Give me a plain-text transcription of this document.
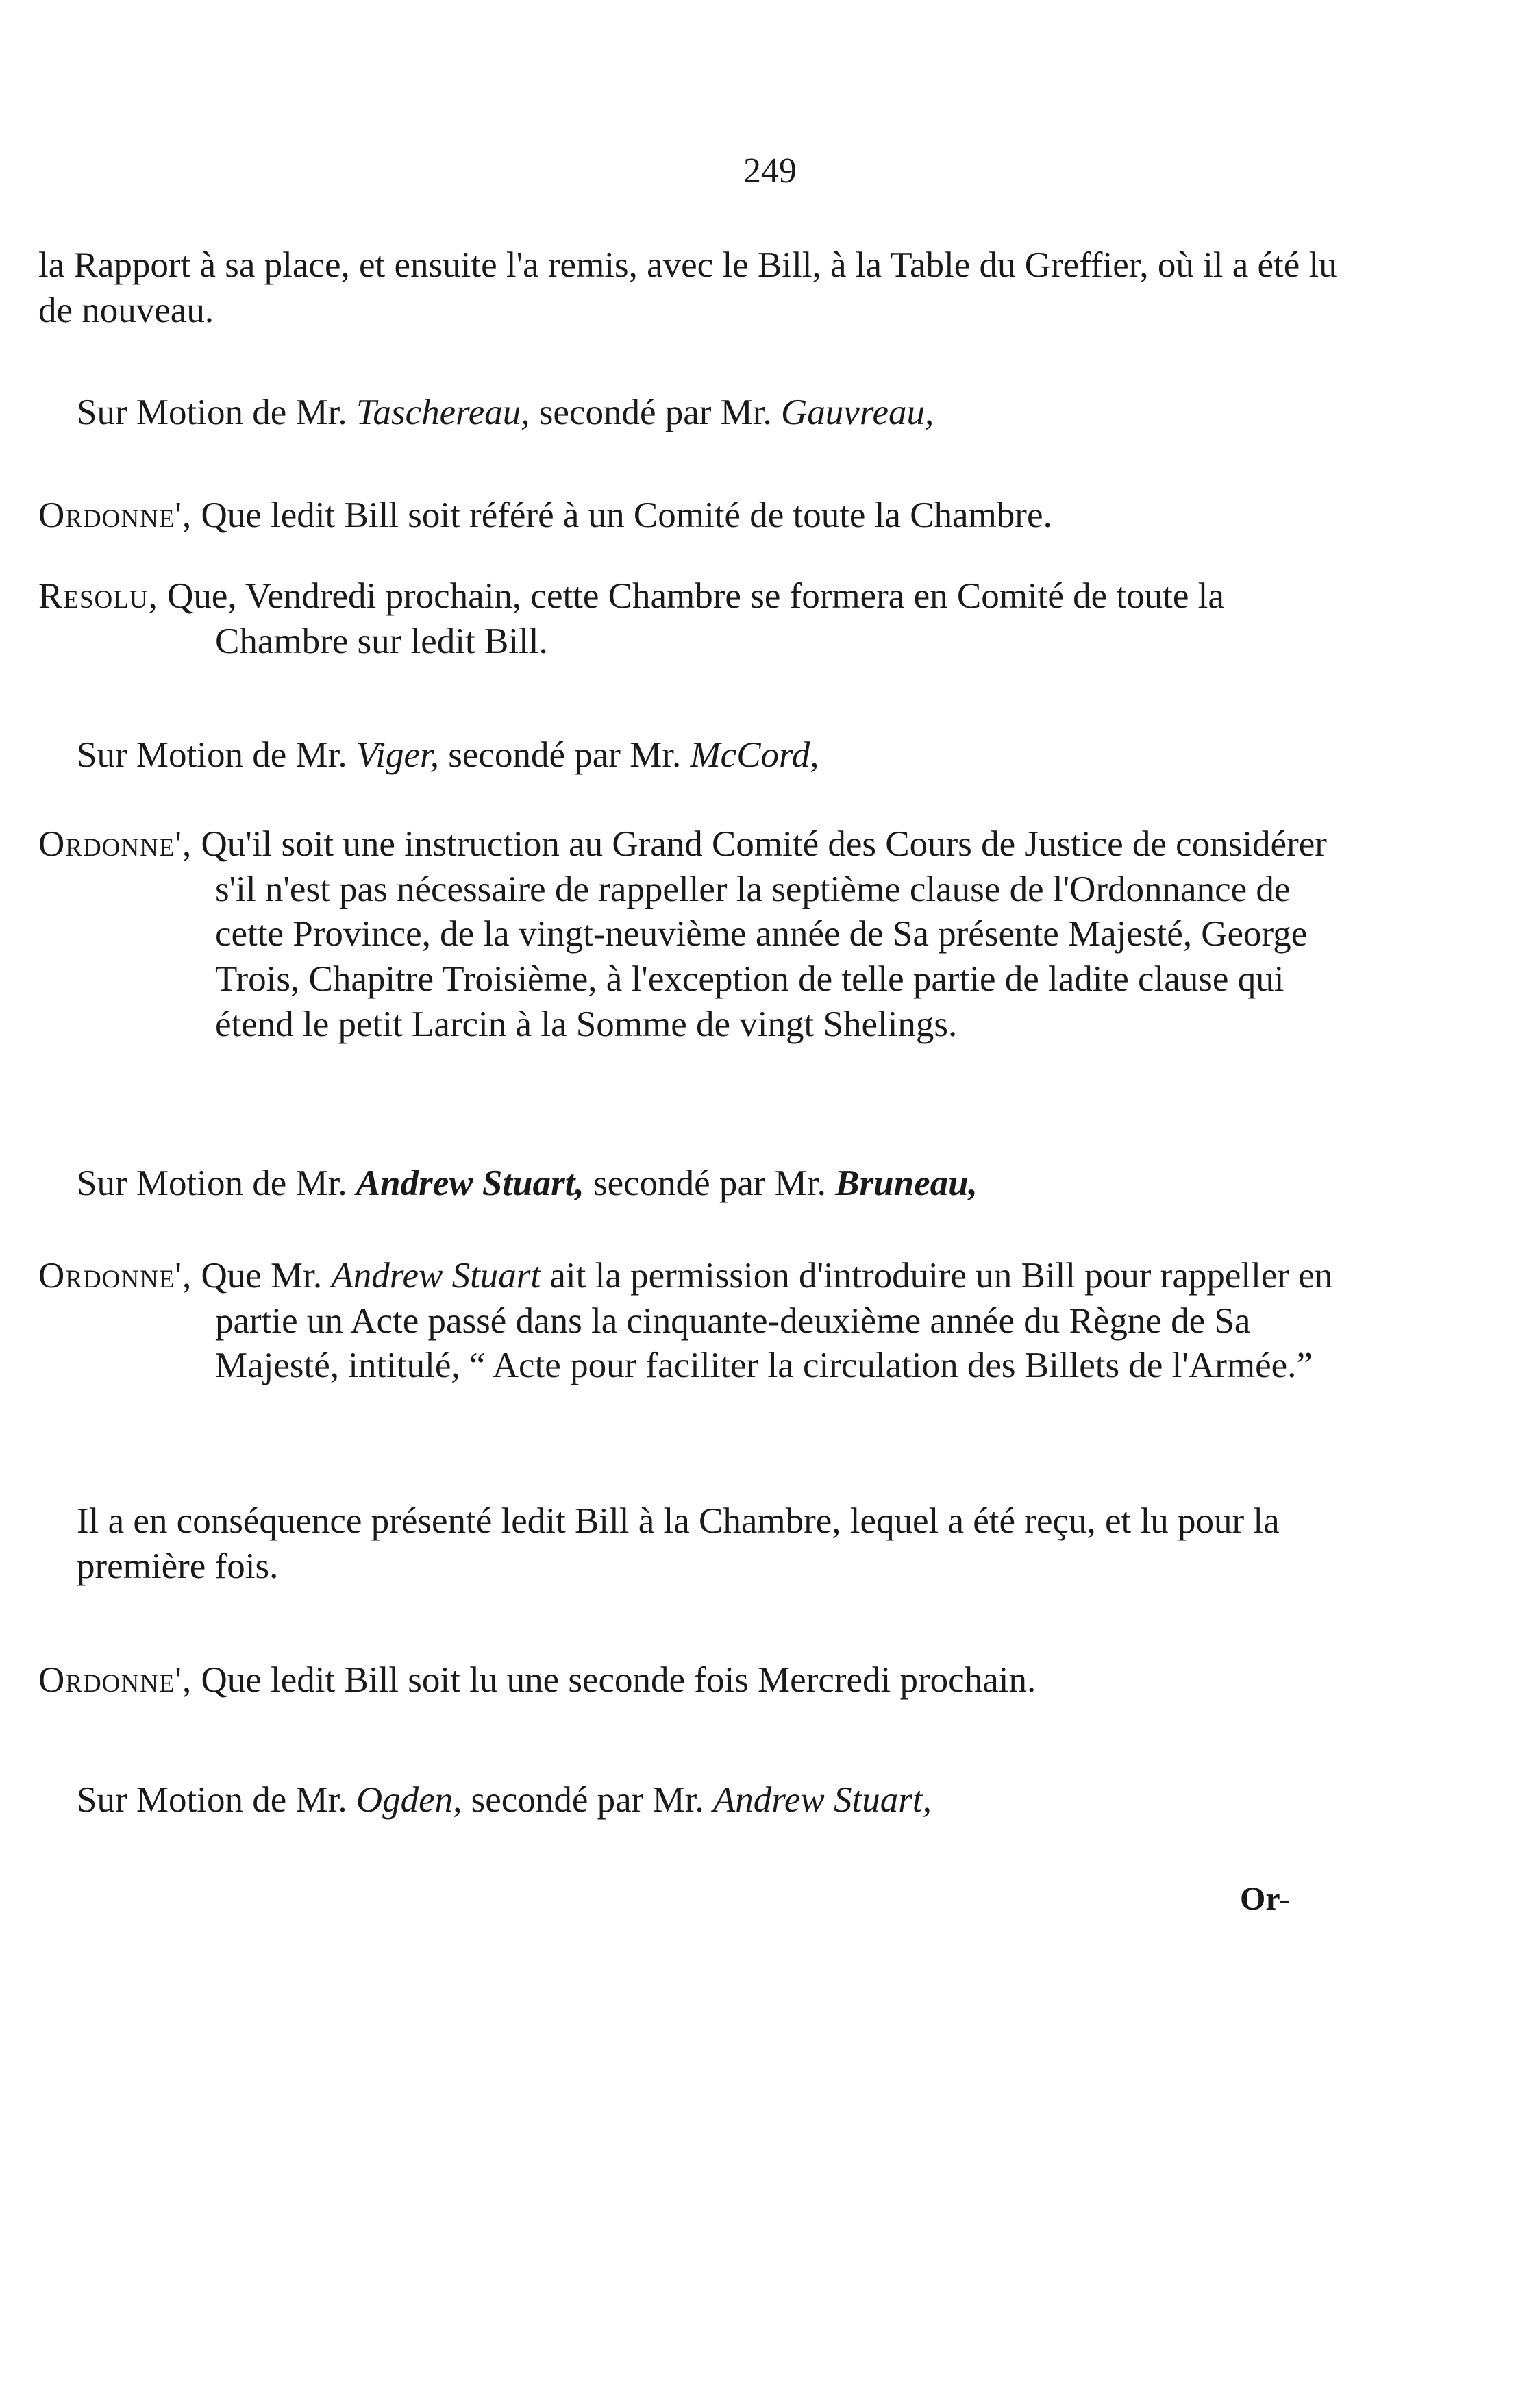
249

la Rapport à sa place, et ensuite l'a remis, avec le Bill, à la Table du Greffier, où il a été lu de nouveau.

Sur Motion de Mr. Taschereau, secondé par Mr. Gauvreau,

Ordonne', Que ledit Bill soit référé à un Comité de toute la Chambre.

Resolu, Que, Vendredi prochain, cette Chambre se formera en Comité de toute la Chambre sur ledit Bill.

Sur Motion de Mr. Viger, secondé par Mr. McCord,

Ordonne', Qu'il soit une instruction au Grand Comité des Cours de Justice de considérer s'il n'est pas nécessaire de rappeller la septième clause de l'Ordonnance de cette Province, de la vingt-neuvième année de Sa présente Majesté, George Trois, Chapitre Troisième, à l'exception de telle partie de ladite clause qui étend le petit Larcin à la Somme de vingt Shelings.

Sur Motion de Mr. Andrew Stuart, secondé par Mr. Bruneau,

Ordonne', Que Mr. Andrew Stuart ait la permission d'introduire un Bill pour rappeller en partie un Acte passé dans la cinquante-deuxième année du Règne de Sa Majesté, intitulé, “ Acte pour faciliter la circulation des Billets de l'Armée.”

Il a en conséquence présenté ledit Bill à la Chambre, lequel a été reçu, et lu pour la première fois.

Ordonne', Que ledit Bill soit lu une seconde fois Mercredi prochain.

Sur Motion de Mr. Ogden, secondé par Mr. Andrew Stuart,

Or-
